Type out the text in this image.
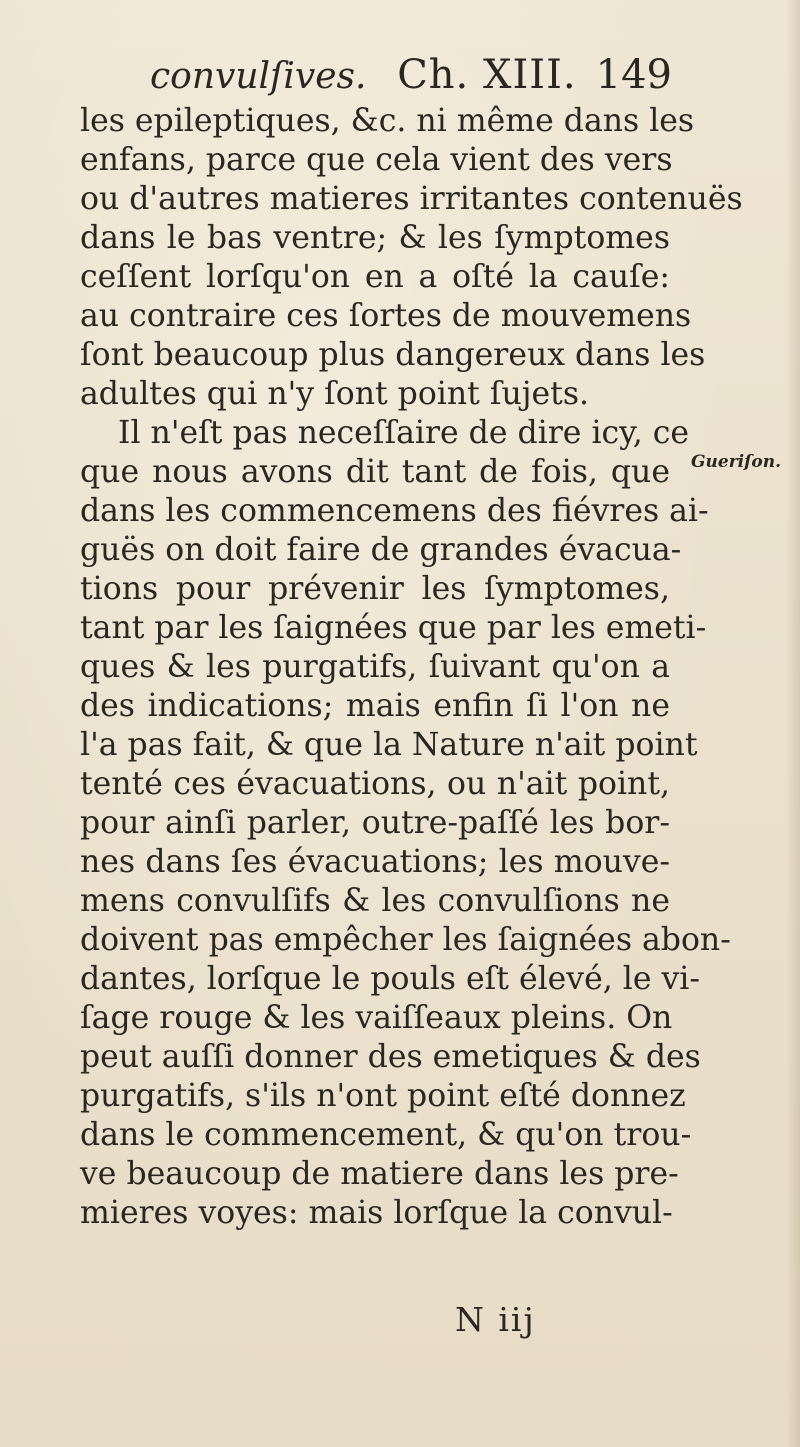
convulſives. Ch. XIII. 149
Gueriſon.
les epileptiques, &c. ni même dans les
enfans, parce que cela vient des vers
ou d'autres matieres irritantes contenuës
dans le bas ventre; & les ſymptomes
ceſſent lorſqu'on en a oſté la cauſe:
au contraire ces ſortes de mouvemens
ſont beaucoup plus dangereux dans les
adultes qui n'y ſont point ſujets.
Il n'eſt pas neceſſaire de dire icy, ce
que nous avons dit tant de fois, que
dans les commencemens des fiévres ai-
guës on doit faire de grandes évacua-
tions pour prévenir les ſymptomes,
tant par les ſaignées que par les emeti-
ques & les purgatifs, ſuivant qu'on a
des indications; mais enfin ſi l'on ne
l'a pas fait, & que la Nature n'ait point
tenté ces évacuations, ou n'ait point,
pour ainſi parler, outre-paſſé les bor-
nes dans ſes évacuations; les mouve-
mens convulſifs & les convulſions ne
doivent pas empêcher les ſaignées abon-
dantes, lorſque le pouls eſt élevé, le vi-
ſage rouge & les vaiſſeaux pleins. On
peut auſſi donner des emetiques & des
purgatifs, s'ils n'ont point eſté donnez
dans le commencement, & qu'on trou-
ve beaucoup de matiere dans les pre-
mieres voyes: mais lorſque la convul-
N iij
